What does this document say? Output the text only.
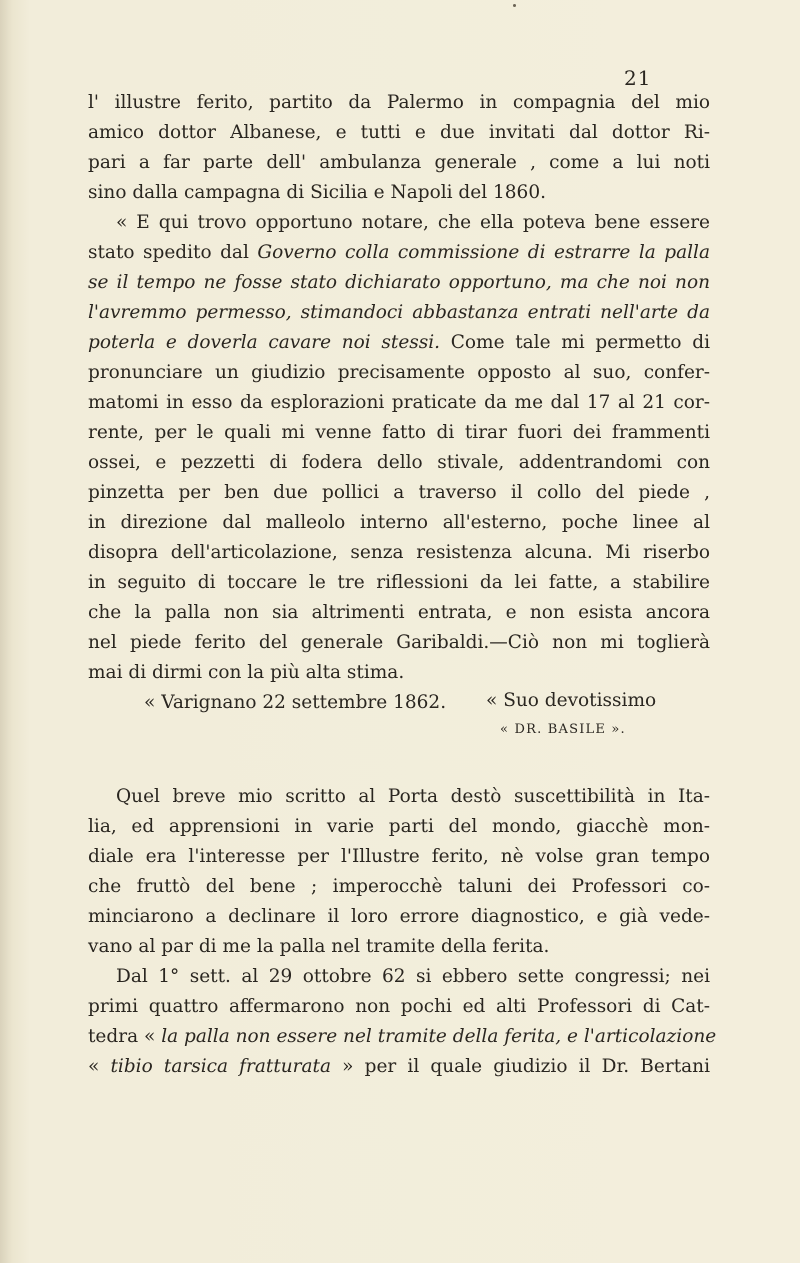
21
l' illustre ferito, partito da Palermo in compagnia del mio
amico dottor Albanese, e tutti e due invitati dal dottor Ri-
pari a far parte dell' ambulanza generale , come a lui noti
sino dalla campagna di Sicilia e Napoli del 1860.
« E qui trovo opportuno notare, che ella poteva bene essere
stato spedito dal Governo colla commissione di estrarre la palla
se il tempo ne fosse stato dichiarato opportuno, ma che noi non
l'avremmo permesso, stimandoci abbastanza entrati nell'arte da
poterla e doverla cavare noi stessi. Come tale mi permetto di
pronunciare un giudizio precisamente opposto al suo, confer-
matomi in esso da esplorazioni praticate da me dal 17 al 21 cor-
rente, per le quali mi venne fatto di tirar fuori dei frammenti
ossei, e pezzetti di fodera dello stivale, addentrandomi con
pinzetta per ben due pollici a traverso il collo del piede ,
in direzione dal malleolo interno all'esterno, poche linee al
disopra dell'articolazione, senza resistenza alcuna. Mi riserbo
in seguito di toccare le tre riflessioni da lei fatte, a stabilire
che la palla non sia altrimenti entrata, e non esista ancora
nel piede ferito del generale Garibaldi.—Ciò non mi toglierà
mai di dirmi con la più alta stima.
« Varignano 22 settembre 1862.	« Suo devotissimo
« DR. BASILE ».
Quel breve mio scritto al Porta destò suscettibilità in Ita-
lia, ed apprensioni in varie parti del mondo, giacchè mon-
diale era l'interesse per l'Illustre ferito, nè volse gran tempo
che fruttò del bene ; imperocchè taluni dei Professori co-
minciarono a declinare il loro errore diagnostico, e già vede-
vano al par di me la palla nel tramite della ferita.
Dal 1° sett. al 29 ottobre 62 si ebbero sette congressi; nei
primi quattro affermarono non pochi ed alti Professori di Cat-
tedra « la palla non essere nel tramite della ferita, e l'articolazione
« tibio tarsica fratturata » per il quale giudizio il Dr. Bertani
